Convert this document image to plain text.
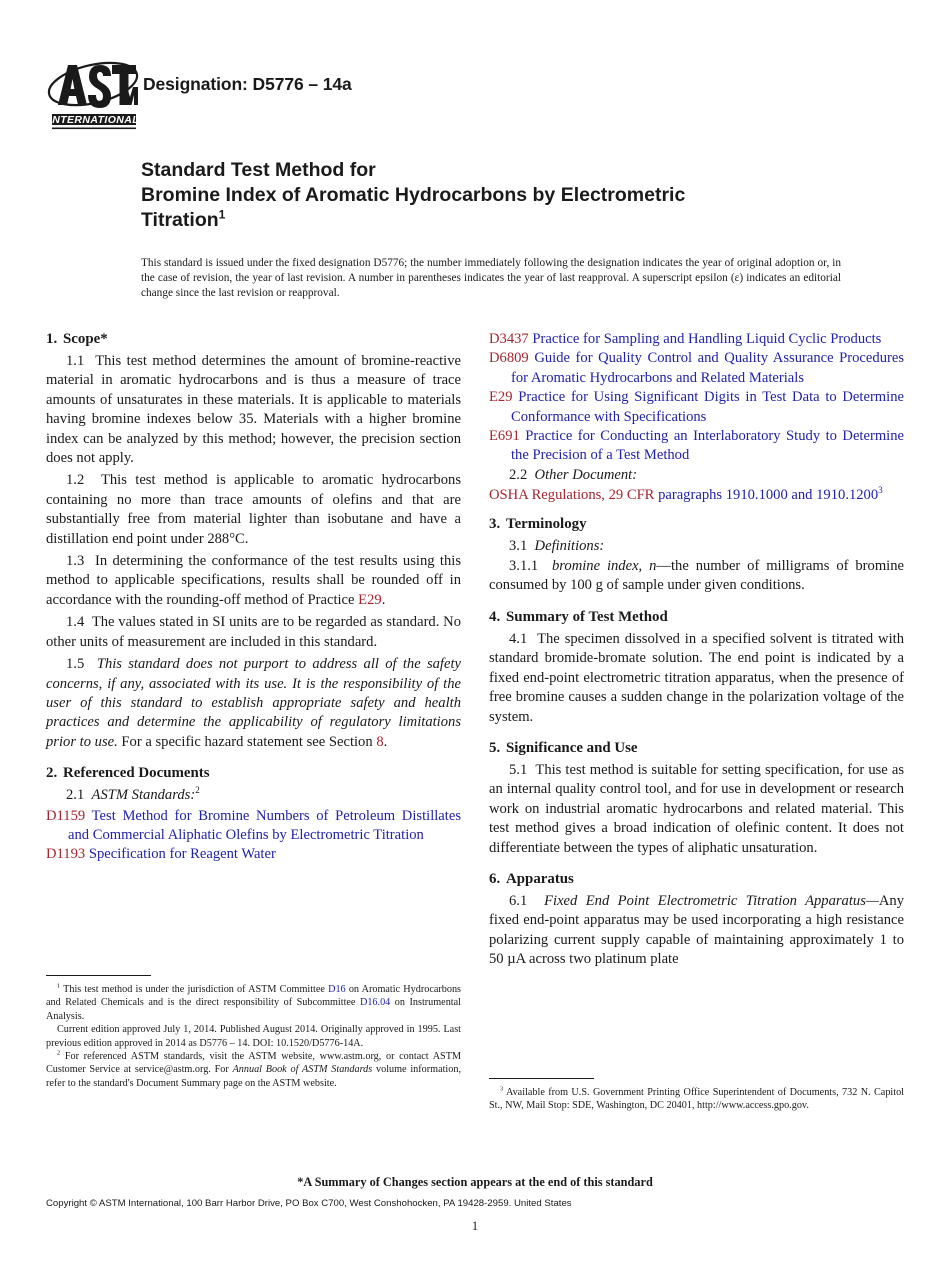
INTERNATIONAL
Designation: D5776 – 14a
Standard Test Method for
Bromine Index of Aromatic Hydrocarbons by Electrometric
Titration$^1$
This standard is issued under the fixed designation D5776; the number immediately following the designation indicates the year of original adoption or, in the case of revision, the year of last revision. A number in parentheses indicates the year of last reapproval. A superscript epsilon (ε) indicates an editorial change since the last revision or reapproval.
1. Scope*

1.1 This test method determines the amount of bromine-reactive material in aromatic hydrocarbons and is thus a measure of trace amounts of unsaturates in these materials. It is applicable to materials having bromine indexes below 35. Materials with a higher bromine index can be analyzed by this method; however, the precision section does not apply.

1.2 This test method is applicable to aromatic hydrocarbons containing no more than trace amounts of olefins and that are substantially free from material lighter than isobutane and have a distillation end point under 288°C.

1.3 In determining the conformance of the test results using this method to applicable specifications, results shall be rounded off in accordance with the rounding-off method of Practice E29.

1.4 The values stated in SI units are to be regarded as standard. No other units of measurement are included in this standard.

1.5 This standard does not purport to address all of the safety concerns, if any, associated with its use. It is the responsibility of the user of this standard to establish appropriate safety and health practices and determine the applicability of regulatory limitations prior to use. For a specific hazard statement see Section 8.

2. Referenced Documents

2.1 ASTM Standards:$^2$

D1159 Test Method for Bromine Numbers of Petroleum Distillates and Commercial Aliphatic Olefins by Electrometric Titration

D1193 Specification for Reagent Water

D3437 Practice for Sampling and Handling Liquid Cyclic Products

D6809 Guide for Quality Control and Quality Assurance Procedures for Aromatic Hydrocarbons and Related Materials

E29 Practice for Using Significant Digits in Test Data to Determine Conformance with Specifications

E691 Practice for Conducting an Interlaboratory Study to Determine the Precision of a Test Method

2.2 Other Document:

OSHA Regulations, 29 CFR paragraphs 1910.1000 and 1910.1200$^3$

3. Terminology

3.1 Definitions:

3.1.1 bromine index, n—the number of milligrams of bromine consumed by 100 g of sample under given conditions.

4. Summary of Test Method

4.1 The specimen dissolved in a specified solvent is titrated with standard bromide-bromate solution. The end point is indicated by a fixed end-point electrometric titration apparatus, when the presence of free bromine causes a sudden change in the polarization voltage of the system.

5. Significance and Use

5.1 This test method is suitable for setting specification, for use as an internal quality control tool, and for use in development or research work on industrial aromatic hydrocarbons and related material. This test method gives a broad indication of olefinic content. It does not differentiate between the types of aliphatic unsaturation.

6. Apparatus

6.1 Fixed End Point Electrometric Titration Apparatus—Any fixed end-point apparatus may be used incorporating a high resistance polarizing current supply capable of maintaining approximately 1 to 50 µA across two platinum plate

$^1$ This test method is under the jurisdiction of ASTM Committee D16 on Aromatic Hydrocarbons and Related Chemicals and is the direct responsibility of Subcommittee D16.04 on Instrumental Analysis.

Current edition approved July 1, 2014. Published August 2014. Originally approved in 1995. Last previous edition approved in 2014 as D5776 – 14. DOI: 10.1520/D5776-14A.

$^2$ For referenced ASTM standards, visit the ASTM website, www.astm.org, or contact ASTM Customer Service at service@astm.org. For Annual Book of ASTM Standards volume information, refer to the standard's Document Summary page on the ASTM website.

$^3$ Available from U.S. Government Printing Office Superintendent of Documents, 732 N. Capitol St., NW, Mail Stop: SDE, Washington, DC 20401, http://www.access.gpo.gov.

*A Summary of Changes section appears at the end of this standard
Copyright © ASTM International, 100 Barr Harbor Drive, PO Box C700, West Conshohocken, PA 19428-2959. United States
1
